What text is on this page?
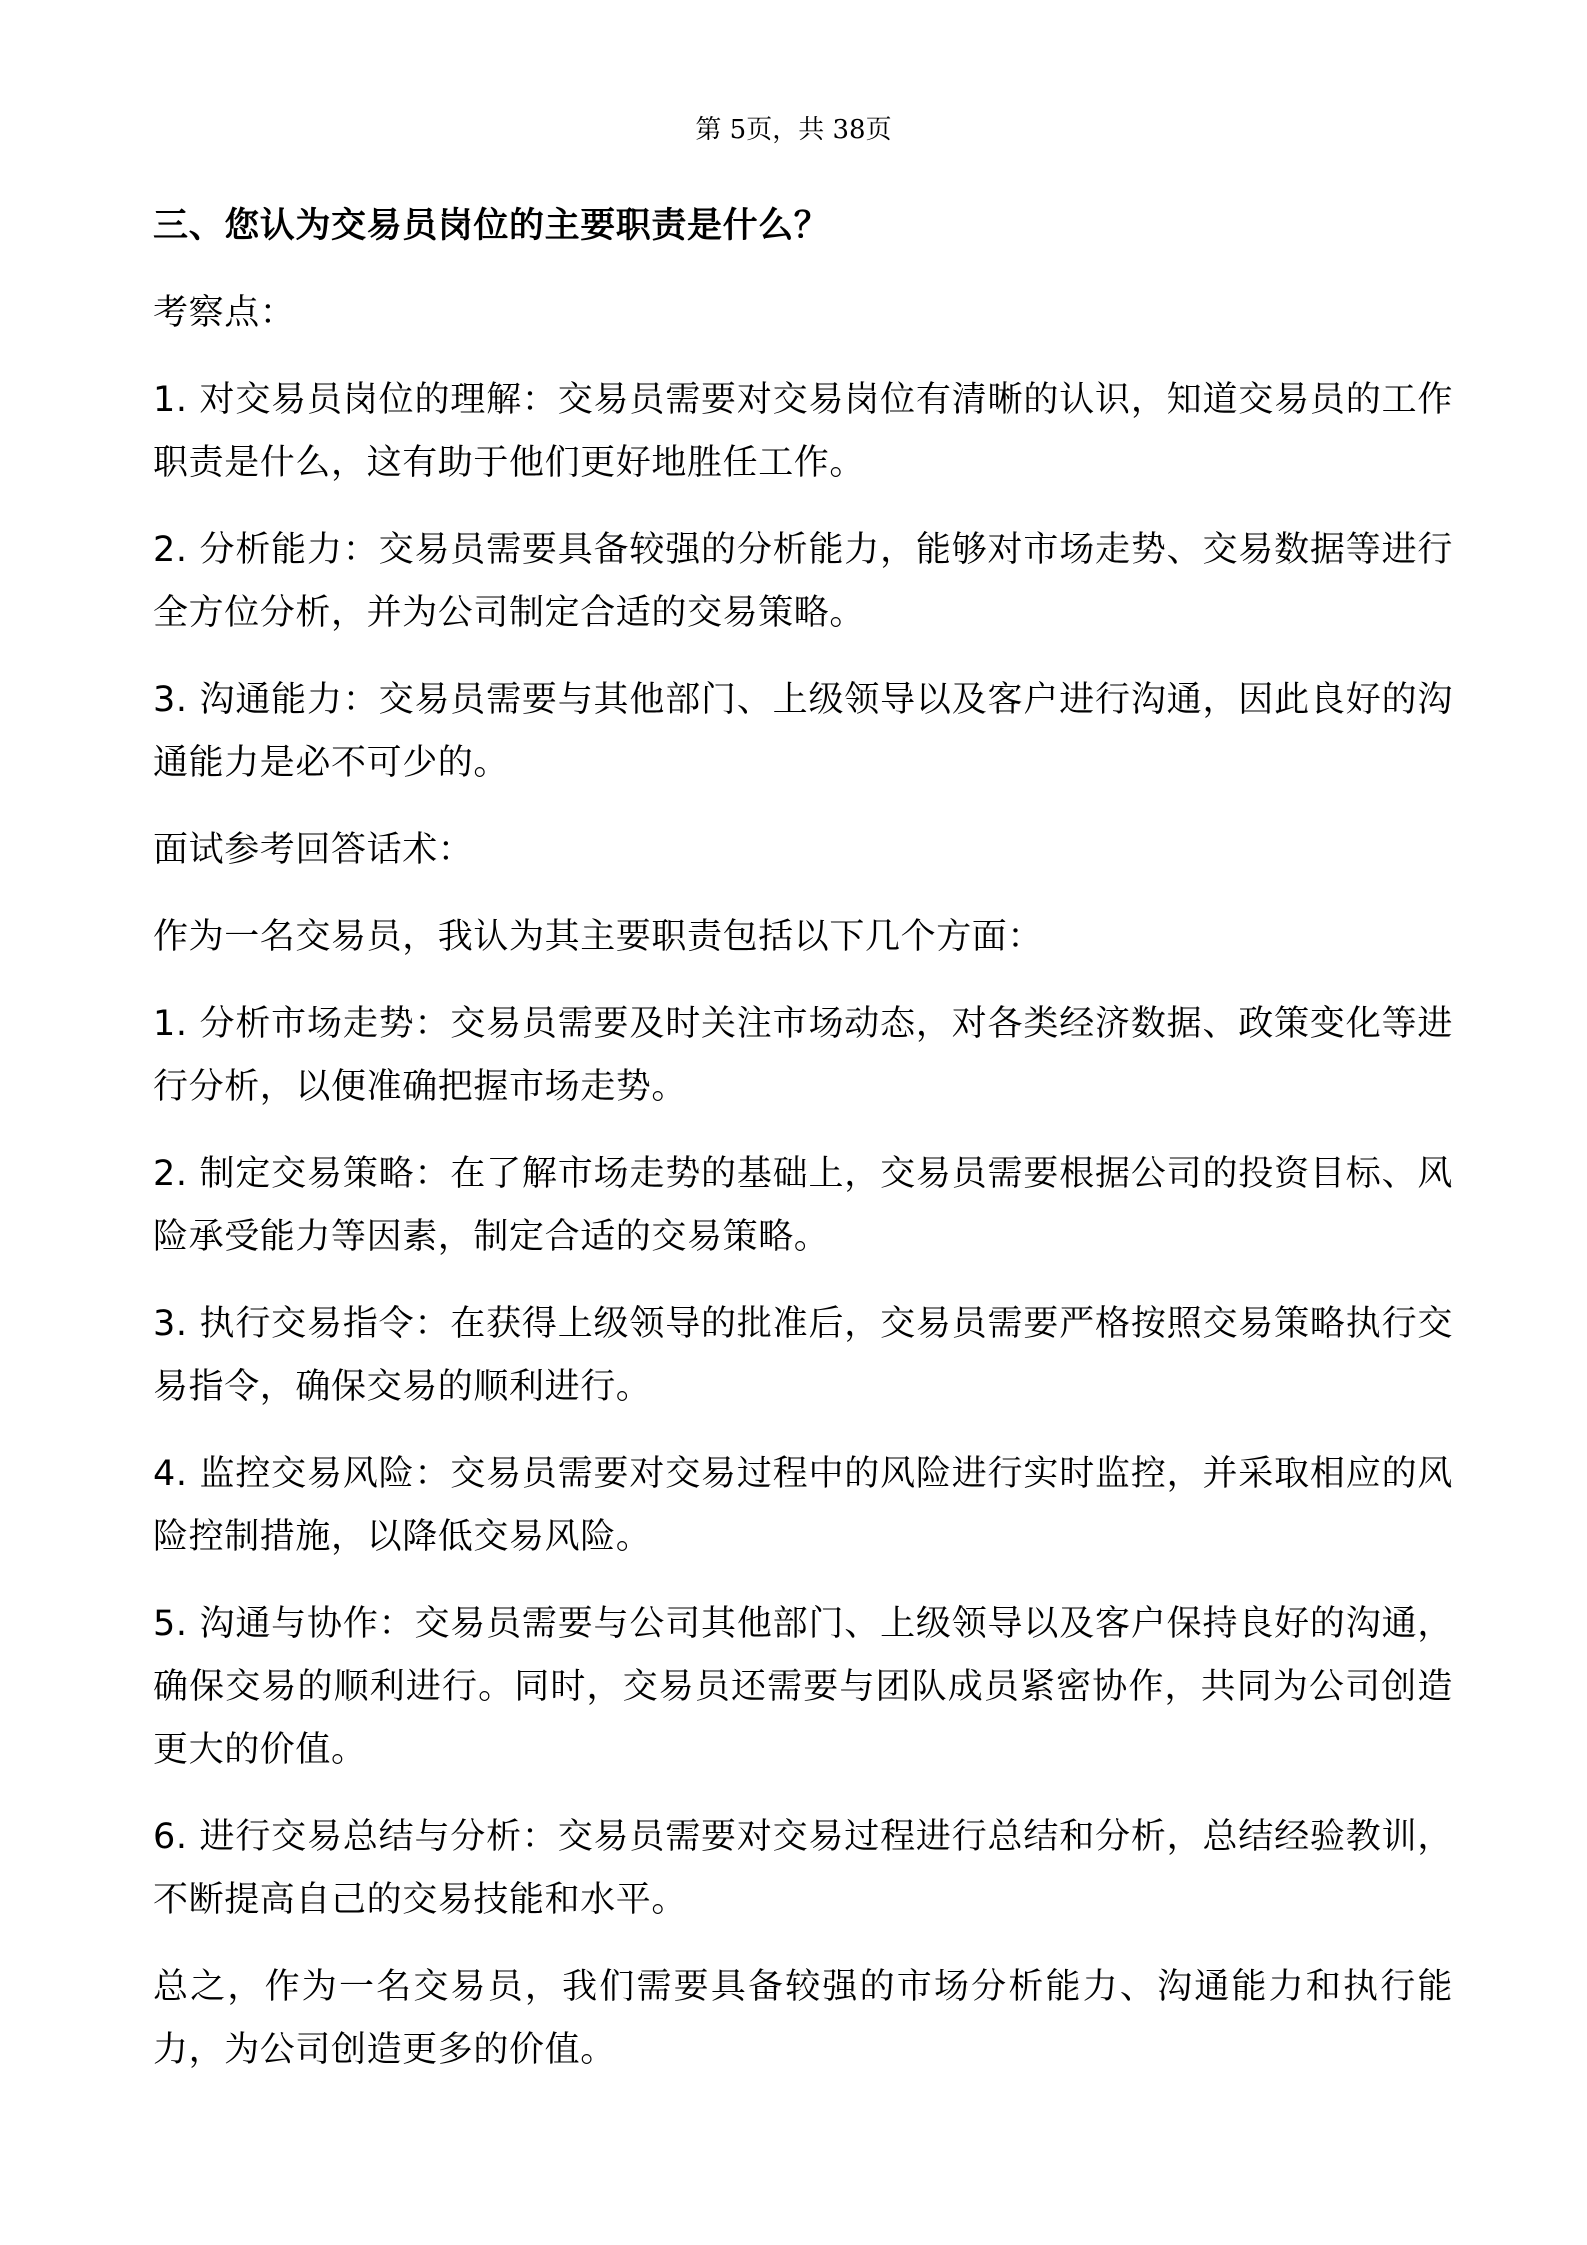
第 5页，共 38页

三、您认为交易员岗位的主要职责是什么？

考察点：

1. 对交易员岗位的理解：交易员需要对交易岗位有清晰的认识，知道交易员的工作职责是什么，这有助于他们更好地胜任工作。

2. 分析能力：交易员需要具备较强的分析能力，能够对市场走势、交易数据等进行全方位分析，并为公司制定合适的交易策略。

3. 沟通能力：交易员需要与其他部门、上级领导以及客户进行沟通，因此良好的沟通能力是必不可少的。

面试参考回答话术：

作为一名交易员，我认为其主要职责包括以下几个方面：

1. 分析市场走势：交易员需要及时关注市场动态，对各类经济数据、政策变化等进行分析，以便准确把握市场走势。

2. 制定交易策略：在了解市场走势的基础上，交易员需要根据公司的投资目标、风险承受能力等因素，制定合适的交易策略。

3. 执行交易指令：在获得上级领导的批准后，交易员需要严格按照交易策略执行交易指令，确保交易的顺利进行。

4. 监控交易风险：交易员需要对交易过程中的风险进行实时监控，并采取相应的风险控制措施，以降低交易风险。

5. 沟通与协作：交易员需要与公司其他部门、上级领导以及客户保持良好的沟通，确保交易的顺利进行。同时，交易员还需要与团队成员紧密协作，共同为公司创造更大的价值。

6. 进行交易总结与分析：交易员需要对交易过程进行总结和分析，总结经验教训，不断提高自己的交易技能和水平。

总之，作为一名交易员，我们需要具备较强的市场分析能力、沟通能力和执行能力，为公司创造更多的价值。
